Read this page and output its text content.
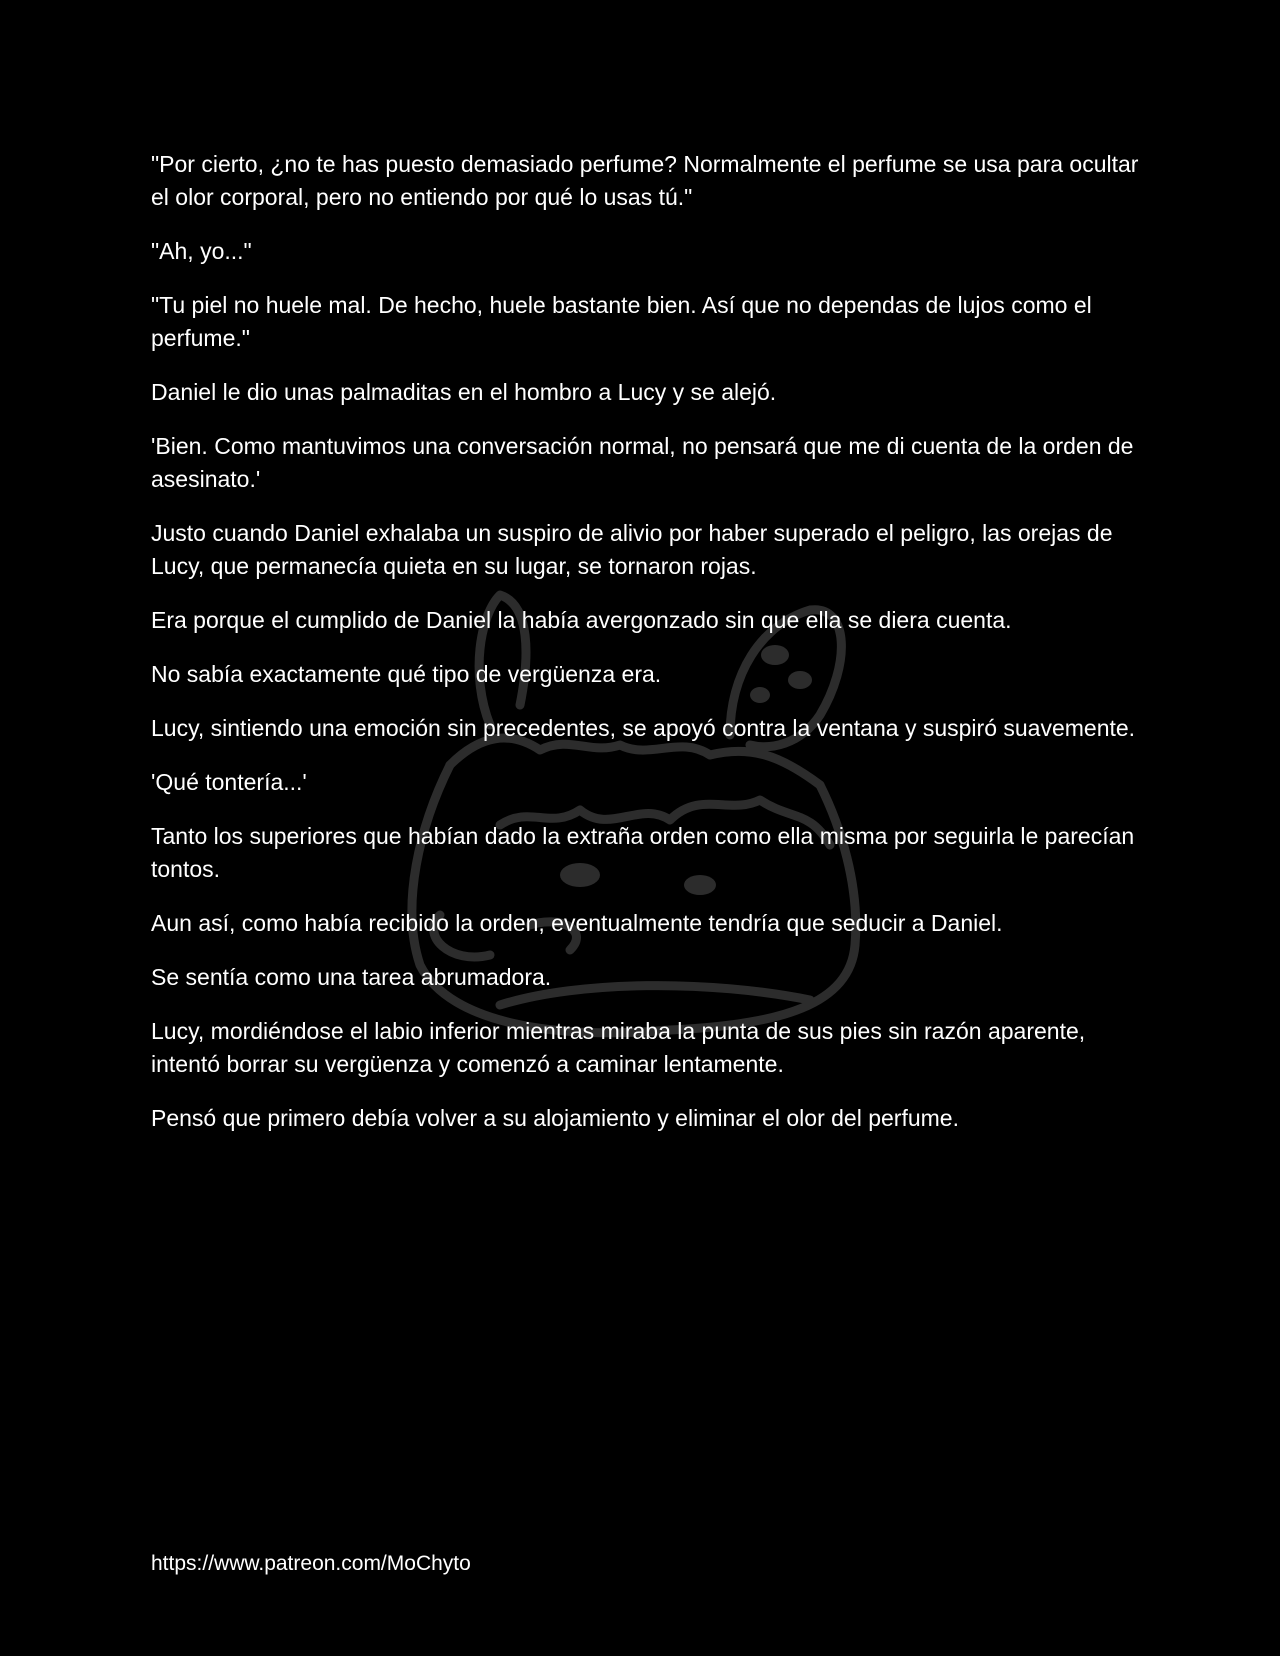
"Por cierto, ¿no te has puesto demasiado perfume? Normalmente el perfume se usa para ocultar el olor corporal, pero no entiendo por qué lo usas tú."

"Ah, yo..."

"Tu piel no huele mal. De hecho, huele bastante bien. Así que no dependas de lujos como el perfume."

Daniel le dio unas palmaditas en el hombro a Lucy y se alejó.

'Bien. Como mantuvimos una conversación normal, no pensará que me di cuenta de la orden de asesinato.'

Justo cuando Daniel exhalaba un suspiro de alivio por haber superado el peligro, las orejas de Lucy, que permanecía quieta en su lugar, se tornaron rojas.

Era porque el cumplido de Daniel la había avergonzado sin que ella se diera cuenta.

No sabía exactamente qué tipo de vergüenza era.

Lucy, sintiendo una emoción sin precedentes, se apoyó contra la ventana y suspiró suavemente.

'Qué tontería...'

Tanto los superiores que habían dado la extraña orden como ella misma por seguirla le parecían tontos.

Aun así, como había recibido la orden, eventualmente tendría que seducir a Daniel.

Se sentía como una tarea abrumadora.

Lucy, mordiéndose el labio inferior mientras miraba la punta de sus pies sin razón aparente, intentó borrar su vergüenza y comenzó a caminar lentamente.

Pensó que primero debía volver a su alojamiento y eliminar el olor del perfume.

https://www.patreon.com/MoChyto
